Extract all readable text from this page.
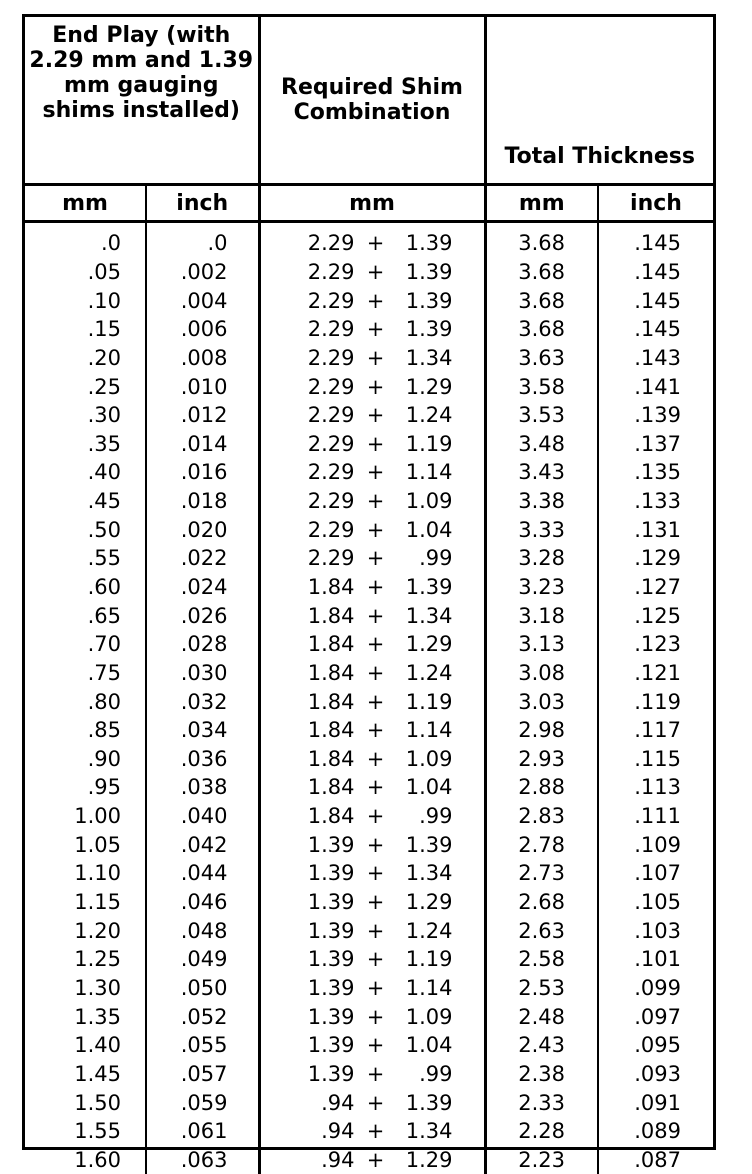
End Play (with 2.29 mm and 1.39 mm gauging shims installed)		Required Shim Combination	Total Thickness	
mm	inch	mm	mm	inch
.0	.0	2.29 + 1.39	3.68	.145
.05	.002	2.29 + 1.39	3.68	.145
.10	.004	2.29 + 1.39	3.68	.145
.15	.006	2.29 + 1.39	3.68	.145
.20	.008	2.29 + 1.34	3.63	.143
.25	.010	2.29 + 1.29	3.58	.141
.30	.012	2.29 + 1.24	3.53	.139
.35	.014	2.29 + 1.19	3.48	.137
.40	.016	2.29 + 1.14	3.43	.135
.45	.018	2.29 + 1.09	3.38	.133
.50	.020	2.29 + 1.04	3.33	.131
.55	.022	2.29 + .99	3.28	.129
.60	.024	1.84 + 1.39	3.23	.127
.65	.026	1.84 + 1.34	3.18	.125
.70	.028	1.84 + 1.29	3.13	.123
.75	.030	1.84 + 1.24	3.08	.121
.80	.032	1.84 + 1.19	3.03	.119
.85	.034	1.84 + 1.14	2.98	.117
.90	.036	1.84 + 1.09	2.93	.115
.95	.038	1.84 + 1.04	2.88	.113
1.00	.040	1.84 + .99	2.83	.111
1.05	.042	1.39 + 1.39	2.78	.109
1.10	.044	1.39 + 1.34	2.73	.107
1.15	.046	1.39 + 1.29	2.68	.105
1.20	.048	1.39 + 1.24	2.63	.103
1.25	.049	1.39 + 1.19	2.58	.101
1.30	.050	1.39 + 1.14	2.53	.099
1.35	.052	1.39 + 1.09	2.48	.097
1.40	.055	1.39 + 1.04	2.43	.095
1.45	.057	1.39 + .99	2.38	.093
1.50	.059	.94 + 1.39	2.33	.091
1.55	.061	.94 + 1.34	2.28	.089
1.60	.063	.94 + 1.29	2.23	.087
